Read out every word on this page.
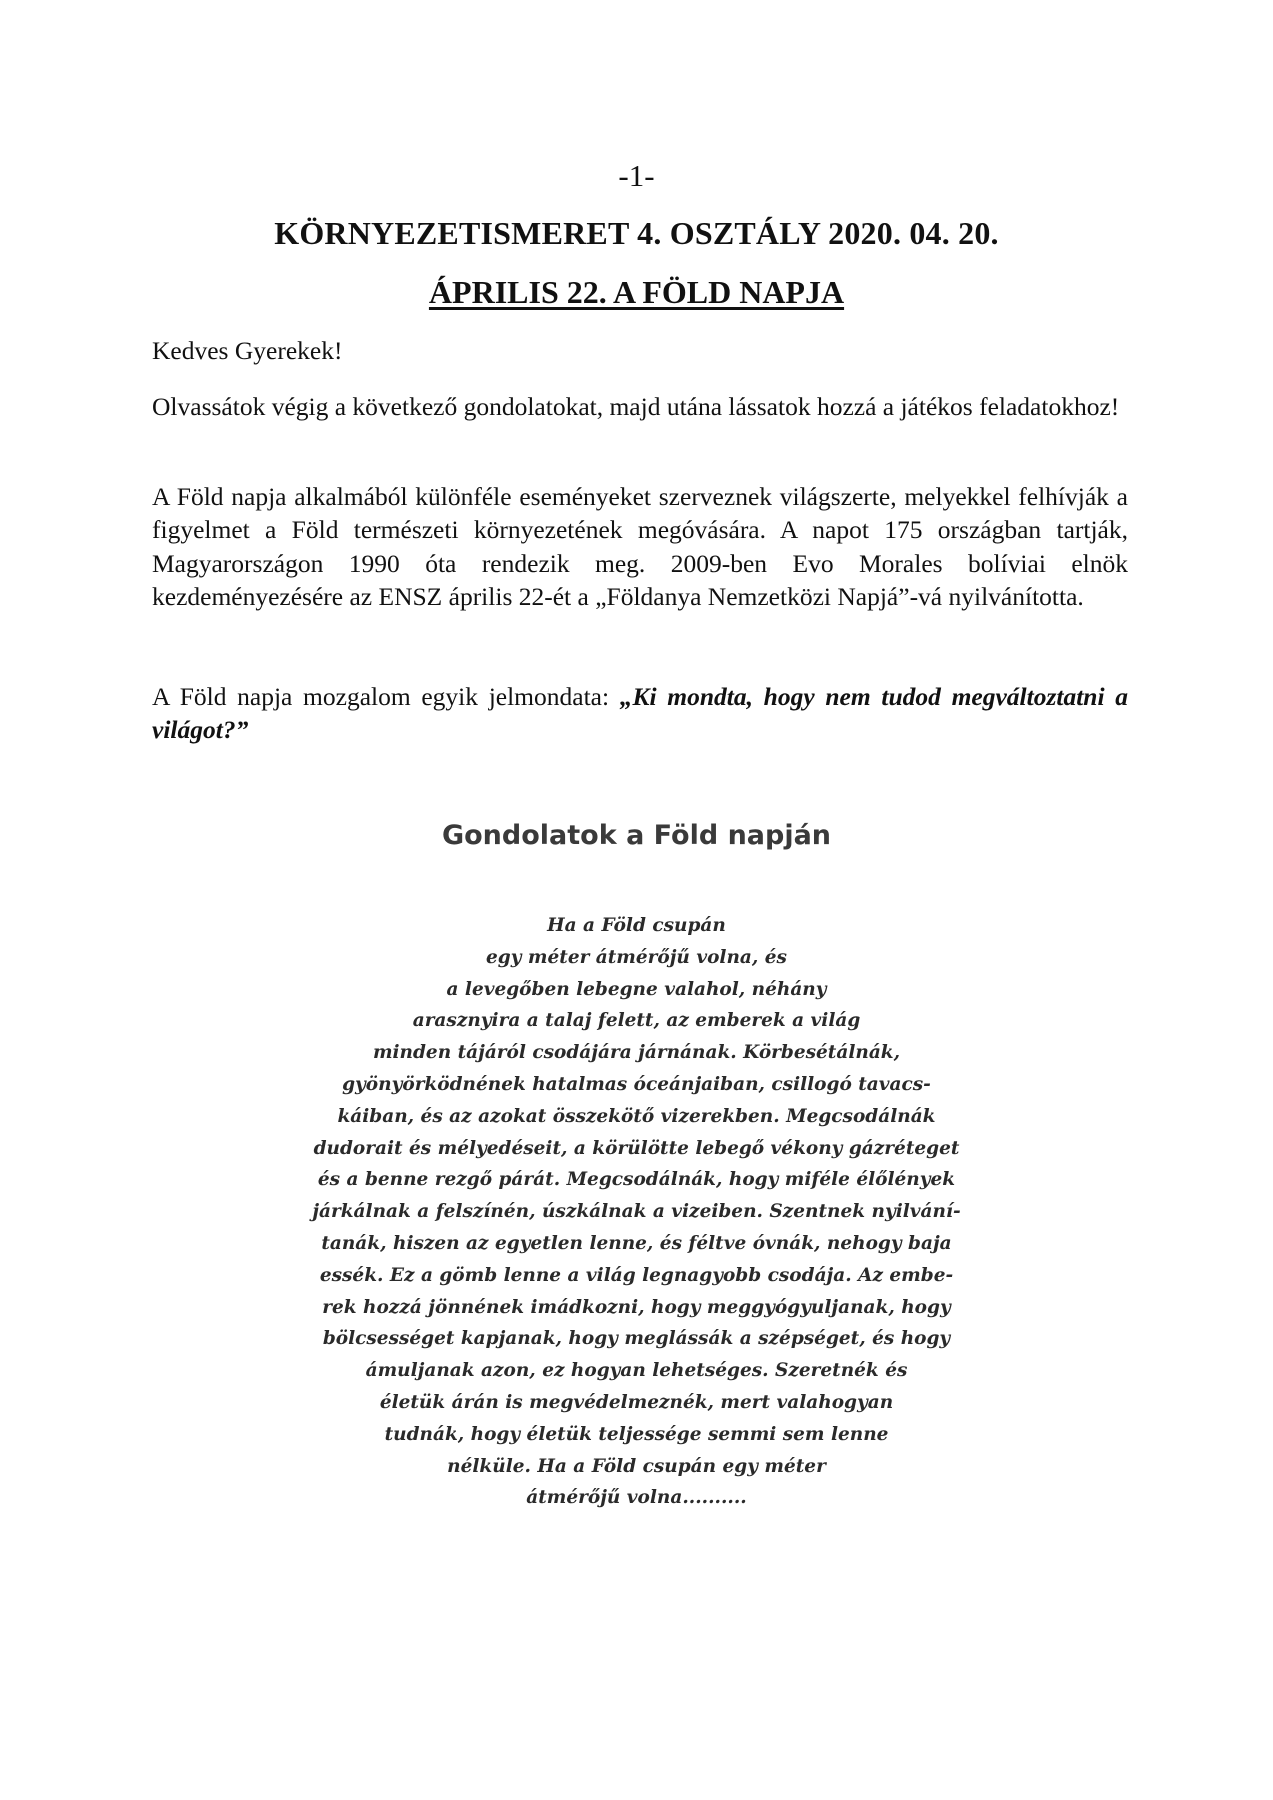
-1-
KÖRNYEZETISMERET 4. OSZTÁLY 2020. 04. 20.
ÁPRILIS 22. A FÖLD NAPJA
Kedves Gyerekek!
Olvassátok végig a következő gondolatokat, majd utána lássatok hozzá a játékos feladatokhoz!
A Föld napja alkalmából különféle eseményeket szerveznek világszerte, melyekkel felhívják a figyelmet a Föld természeti környezetének megóvására. A napot 175 országban tartják, Magyarországon 1990 óta rendezik meg. 2009-ben Evo Morales bolíviai elnök kezdeményezésére az ENSZ április 22-ét a „Földanya Nemzetközi Napjá”-vá nyilvánította.
A Föld napja mozgalom egyik jelmondata: „Ki mondta, hogy nem tudod megváltoztatni a világot?”
Gondolatok a Föld napján
Ha a Föld csupán
egy méter átmérőjű volna, és
a levegőben lebegne valahol, néhány
arasznyira a talaj felett, az emberek a világ
minden tájáról csodájára járnának. Körbesétálnák,
gyönyörködnének hatalmas óceánjaiban, csillogó tavacs-
káiban, és az azokat összekötő vizerekben. Megcsodálnák
dudorait és mélyedéseit, a körülötte lebegő vékony gázréteget
és a benne rezgő párát. Megcsodálnák, hogy miféle élőlények
járkálnak a felszínén, úszkálnak a vizeiben. Szentnek nyilvání-
tanák, hiszen az egyetlen lenne, és féltve óvnák, nehogy baja
essék. Ez a gömb lenne a világ legnagyobb csodája. Az embe-
rek hozzá jönnének imádkozni, hogy meggyógyuljanak, hogy
bölcsességet kapjanak, hogy meglássák a szépséget, és hogy
ámuljanak azon, ez hogyan lehetséges. Szeretnék és
életük árán is megvédelmeznék, mert valahogyan
tudnák, hogy életük teljessége semmi sem lenne
nélküle. Ha a Föld csupán egy méter
átmérőjű volna..........
